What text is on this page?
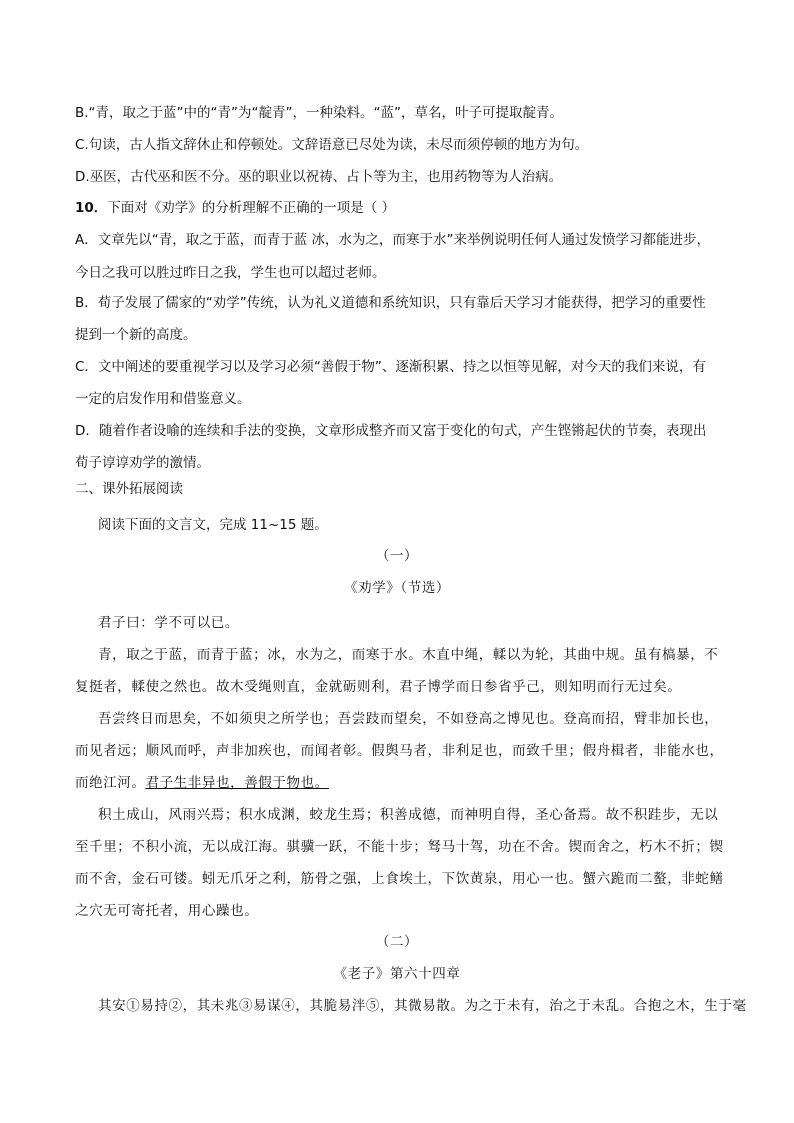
B.“青，取之于蓝”中的“青”为“靛青”，一种染料。“蓝”，草名，叶子可提取靛青。
C.句读，古人指文辞休止和停顿处。文辞语意已尽处为读，未尽而须停顿的地方为句。
D.巫医，古代巫和医不分。巫的职业以祝祷、占卜等为主，也用药物等为人治病。
10．下面对《劝学》的分析理解不正确的一项是（ ）
A．文章先以“青，取之于蓝，而青于蓝 冰，水为之，而寒于水”来举例说明任何人通过发愤学习都能进步，
今日之我可以胜过昨日之我，学生也可以超过老师。
B．荀子发展了儒家的“劝学”传统，认为礼义道德和系统知识，只有靠后天学习才能获得，把学习的重要性
提到一个新的高度。
C．文中阐述的要重视学习以及学习必须“善假于物”、逐渐积累、持之以恒等见解，对今天的我们来说，有
一定的启发作用和借鉴意义。
D．随着作者设喻的连续和手法的变换，文章形成整齐而又富于变化的句式，产生铿锵起伏的节奏，表现出
荀子谆谆劝学的激情。
二、课外拓展阅读
阅读下面的文言文，完成 11~15 题。
（一）
《劝学》（节选）
君子曰：学不可以已。
青，取之于蓝，而青于蓝；冰，水为之，而寒于水。木直中绳，輮以为轮，其曲中规。虽有槁暴，不
复挺者，輮使之然也。故木受绳则直，金就砺则利，君子博学而日参省乎己，则知明而行无过矣。
吾尝终日而思矣，不如须臾之所学也；吾尝跂而望矣，不如登高之博见也。登高而招，臂非加长也，
而见者远；顺风而呼，声非加疾也，而闻者彰。假舆马者，非利足也，而致千里；假舟楫者，非能水也，
而绝江河。君子生非异也，善假于物也。
积土成山，风雨兴焉；积水成渊，蛟龙生焉；积善成德，而神明自得，圣心备焉。故不积跬步，无以
至千里；不积小流，无以成江海。骐骥一跃，不能十步；驽马十驾，功在不舍。锲而舍之，朽木不折；锲
而不舍，金石可镂。蚓无爪牙之利，筋骨之强，上食埃土，下饮黄泉，用心一也。蟹六跪而二螯，非蛇鳝
之穴无可寄托者，用心躁也。
（二）
《老子》第六十四章
其安①易持②，其未兆③易谋④，其脆易泮⑤，其微易散。为之于未有，治之于未乱。合抱之木，生于毫
